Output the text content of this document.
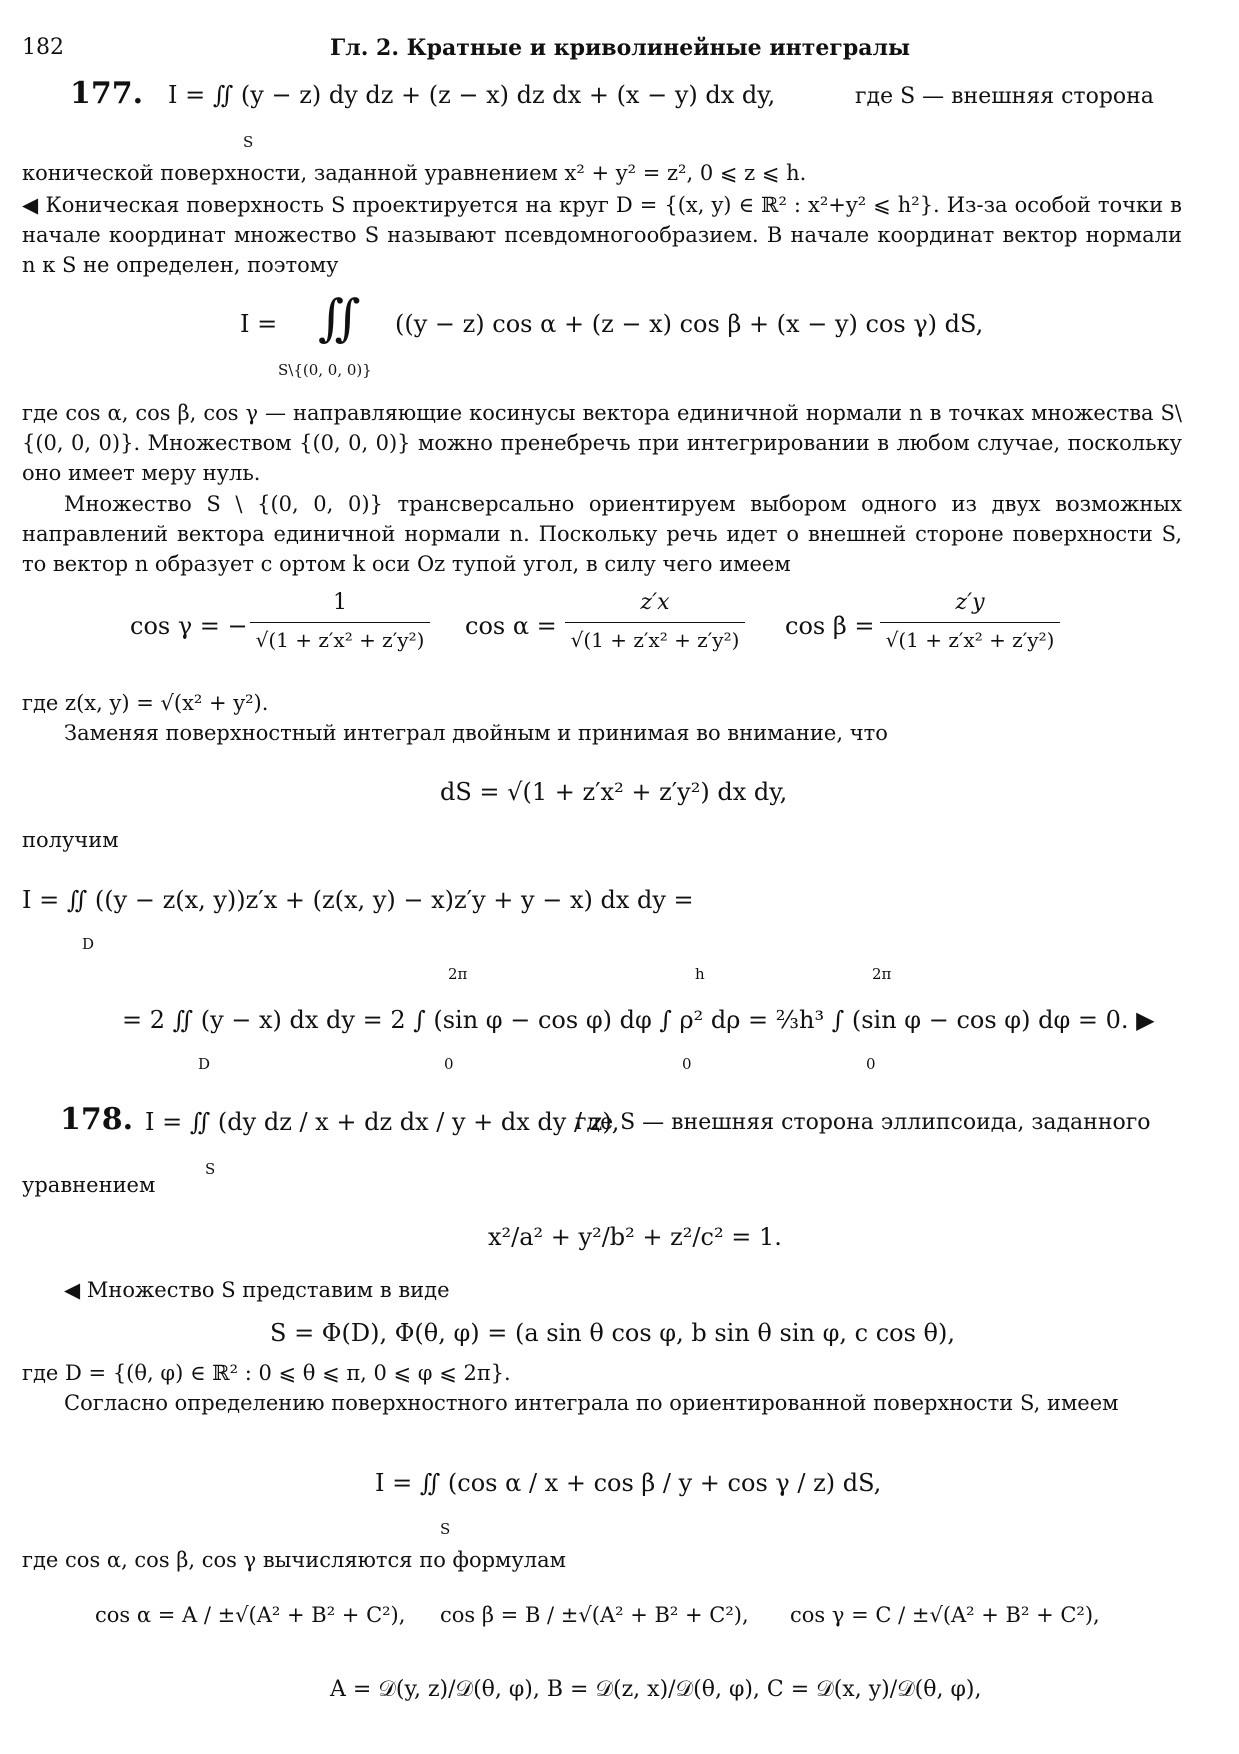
182	Гл. 2. Кратные и криволинейные интегралы
177. I = ∬ (y − z) dy dz + (z − x) dz dx + (x − y) dx dy,	где S — внешняя сторона
S
конической поверхности, заданной уравнением x² + y² = z², 0 ⩽ z ⩽ h.
◀ Коническая поверхность S проектируется на круг D = {(x, y) ∈ ℝ² : x²+y² ⩽ h²}. Из-за особой точки в начале координат множество S называют псевдомногообразием. В начале координат вектор нормали n к S не определен, поэтому
I = ∬ ((y − z) cos α + (z − x) cos β + (x − y) cos γ) dS,
S\{(0, 0, 0)}
где cos α, cos β, cos γ — направляющие косинусы вектора единичной нормали n в точках множества S\{(0, 0, 0)}. Множеством {(0, 0, 0)} можно пренебречь при интегрировании в любом случае, поскольку оно имеет меру нуль.
Множество S \ {(0, 0, 0)} трансверсально ориентируем выбором одного из двух возможных направлений вектора единичной нормали n. Поскольку речь идет о внешней стороне поверхности S, то вектор n образует с ортом k оси Oz тупой угол, в силу чего имеем
cos γ = −
1
√(1 + z′x² + z′y²) cos α =
z′x
√(1 + z′x² + z′y²) cos β =
z′y
√(1 + z′x² + z′y²)
где z(x, y) = √(x² + y²).
Заменяя поверхностный интеграл двойным и принимая во внимание, что
dS = √(1 + z′x² + z′y²) dx dy,
получим
I = ∬ ((y − z(x, y))z′x + (z(x, y) − x)z′y + y − x) dx dy =
D
2π	h	2π
= 2 ∬ (y − x) dx dy = 2 ∫ (sin φ − cos φ) dφ ∫ ρ² dρ = ⅔h³ ∫ (sin φ − cos φ) dφ = 0. ▶
D	0	0	0
178. I = ∬ (dy dz / x + dz dx / y + dx dy / z),
где S — внешняя сторона эллипсоида, заданного
S
уравнением
x²/a² + y²/b² + z²/c² = 1.
◀ Множество S представим в виде
S = Φ(D), Φ(θ, φ) = (a sin θ cos φ, b sin θ sin φ, c cos θ),
где D = {(θ, φ) ∈ ℝ² : 0 ⩽ θ ⩽ π, 0 ⩽ φ ⩽ 2π}.
Согласно определению поверхностного интеграла по ориентированной поверхности S, имеем
I = ∬ (cos α / x + cos β / y + cos γ / z) dS,
S
где cos α, cos β, cos γ вычисляются по формулам
cos α = A / ±√(A² + B² + C²), cos β = B / ±√(A² + B² + C²), cos γ = C / ±√(A² + B² + C²),
A = 𝒟(y, z)/𝒟(θ, φ), B = 𝒟(z, x)/𝒟(θ, φ), C = 𝒟(x, y)/𝒟(θ, φ),
